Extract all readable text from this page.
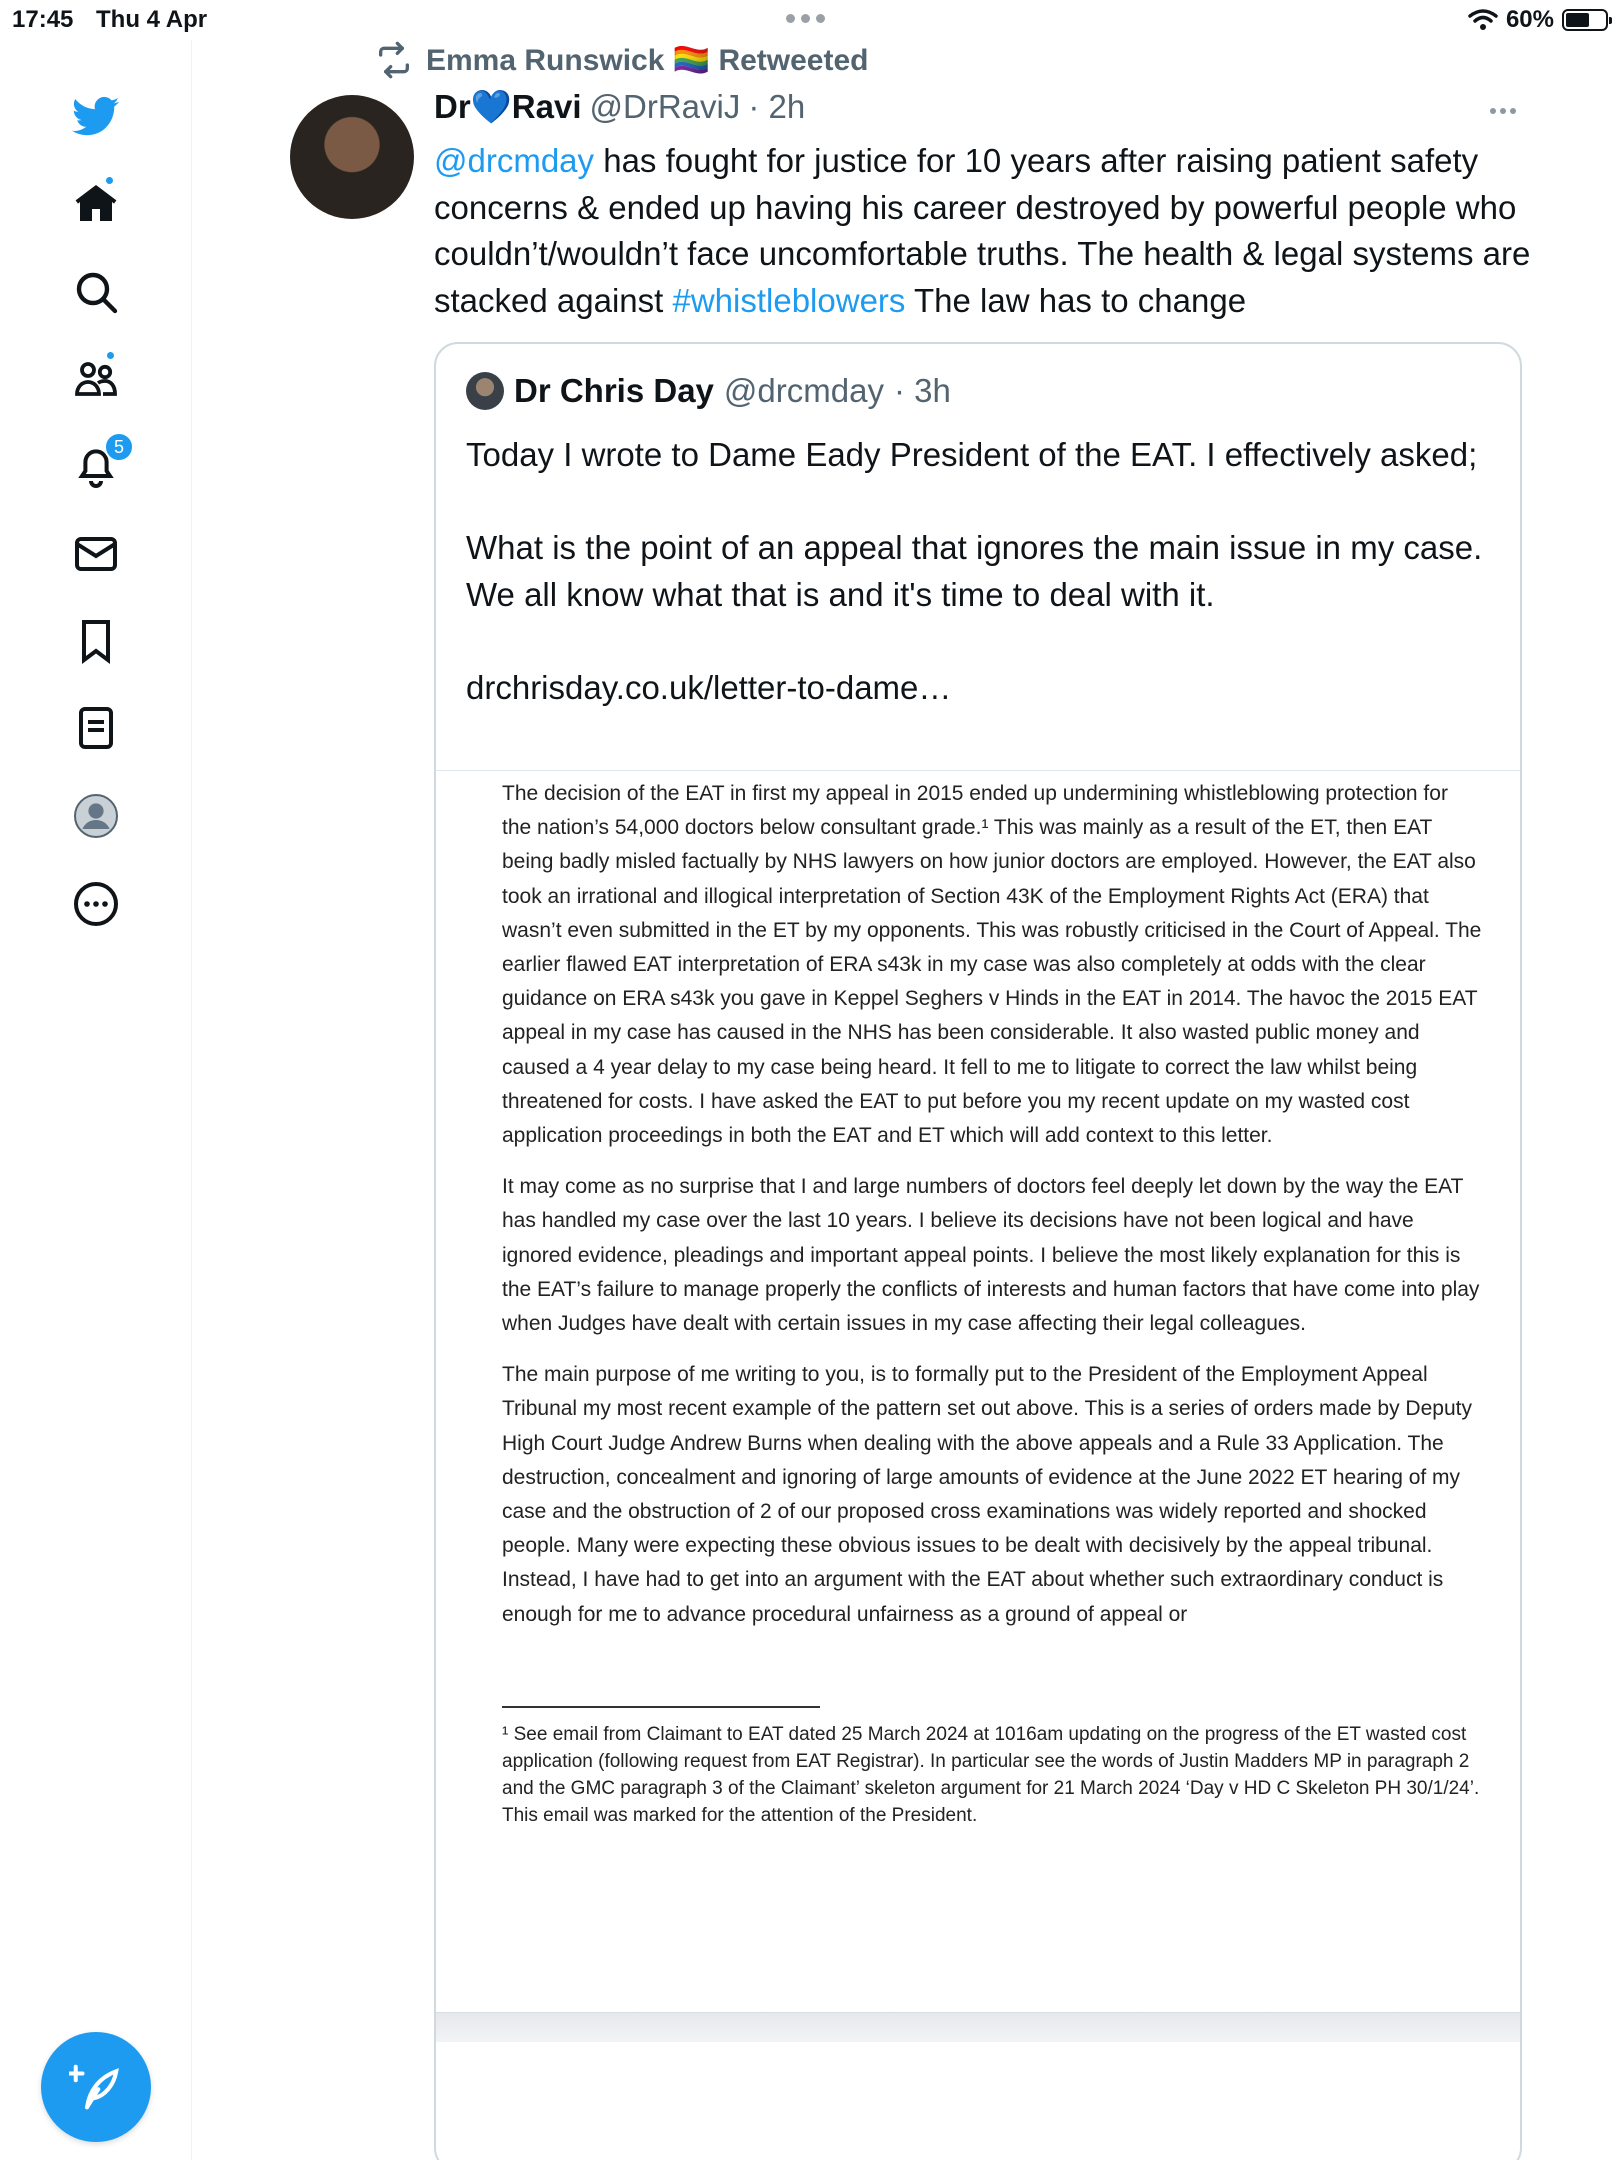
17:45 Thu 4 Apr	60%
5
Emma Runswick 🏳️‍🌈 Retweeted
Dr💙Ravi @DrRaviJ · 2h
@drcmday has fought for justice for 10 years after raising patient safety concerns & ended up having his career destroyed by powerful people who couldn’t/wouldn’t face uncomfortable truths. The health & legal systems are stacked against #whistleblowers The law has to change
Dr Chris Day @drcmday · 3h

Today I wrote to Dame Eady President of the EAT. I effectively asked;

What is the point of an appeal that ignores the main issue in my case. We all know what that is and it's time to deal with it.

drchrisday.co.uk/letter-to-dame…

The decision of the EAT in first my appeal in 2015 ended up undermining whistleblowing protection for the nation’s 54,000 doctors below consultant grade.¹ This was mainly as a result of the ET, then EAT being badly misled factually by NHS lawyers on how junior doctors are employed. However, the EAT also took an irrational and illogical interpretation of Section 43K of the Employment Rights Act (ERA) that wasn’t even submitted in the ET by my opponents. This was robustly criticised in the Court of Appeal. The earlier flawed EAT interpretation of ERA s43k in my case was also completely at odds with the clear guidance on ERA s43k you gave in Keppel Seghers v Hinds in the EAT in 2014. The havoc the 2015 EAT appeal in my case has caused in the NHS has been considerable. It also wasted public money and caused a 4 year delay to my case being heard. It fell to me to litigate to correct the law whilst being threatened for costs. I have asked the EAT to put before you my recent update on my wasted cost application proceedings in both the EAT and ET which will add context to this letter.

It may come as no surprise that I and large numbers of doctors feel deeply let down by the way the EAT has handled my case over the last 10 years. I believe its decisions have not been logical and have ignored evidence, pleadings and important appeal points. I believe the most likely explanation for this is the EAT’s failure to manage properly the conflicts of interests and human factors that have come into play when Judges have dealt with certain issues in my case affecting their legal colleagues.

The main purpose of me writing to you, is to formally put to the President of the Employment Appeal Tribunal my most recent example of the pattern set out above. This is a series of orders made by Deputy High Court Judge Andrew Burns when dealing with the above appeals and a Rule 33 Application. The destruction, concealment and ignoring of large amounts of evidence at the June 2022 ET hearing of my case and the obstruction of 2 of our proposed cross examinations was widely reported and shocked people. Many were expecting these obvious issues to be dealt with decisively by the appeal tribunal. Instead, I have had to get into an argument with the EAT about whether such extraordinary conduct is enough for me to advance procedural unfairness as a ground of appeal or

¹ See email from Claimant to EAT dated 25 March 2024 at 1016am updating on the progress of the ET wasted cost application (following request from EAT Registrar). In particular see the words of Justin Madders MP in paragraph 2 and the GMC paragraph 3 of the Claimant’ skeleton argument for 21 March 2024 ‘Day v HD C Skeleton PH 30/1/24’. This email was marked for the attention of the President.
